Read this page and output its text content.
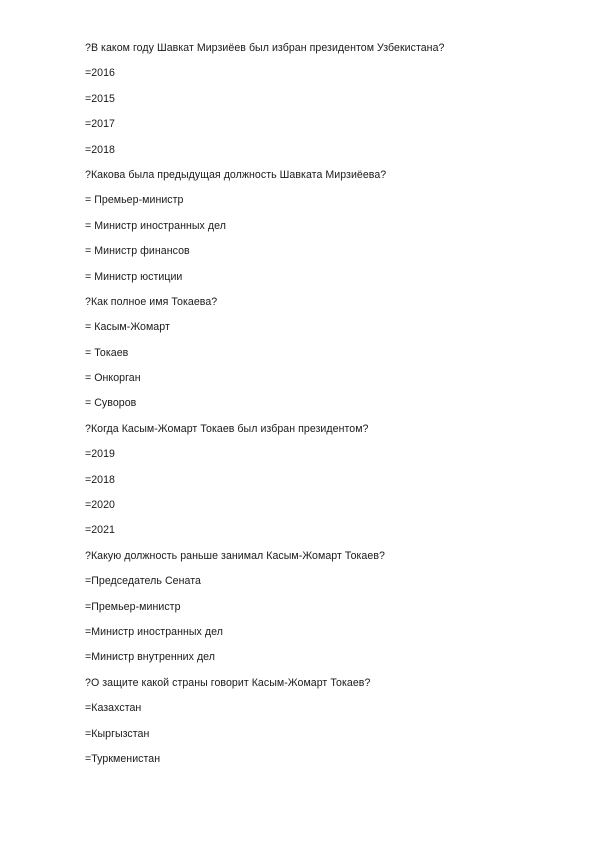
?В каком году Шавкат Мирзиёев был избран президентом Узбекистана?
=2016
=2015
=2017
=2018
?Какова была предыдущая должность Шавката Мирзиёева?
= Премьер-министр
= Министр иностранных дел
= Министр финансов
= Министр юстиции
?Как полное имя Токаева?
= Касым-Жомарт
= Токаев
= Онкорган
= Суворов
?Когда Касым-Жомарт Токаев был избран президентом?
=2019
=2018
=2020
=2021
?Какую должность раньше занимал Касым-Жомарт Токаев?
=Председатель Сената
=Премьер-министр
=Министр иностранных дел
=Министр внутренних дел
?О защите какой страны говорит Касым-Жомарт Токаев?
=Казахстан
=Кыргызстан
=Туркменистан
